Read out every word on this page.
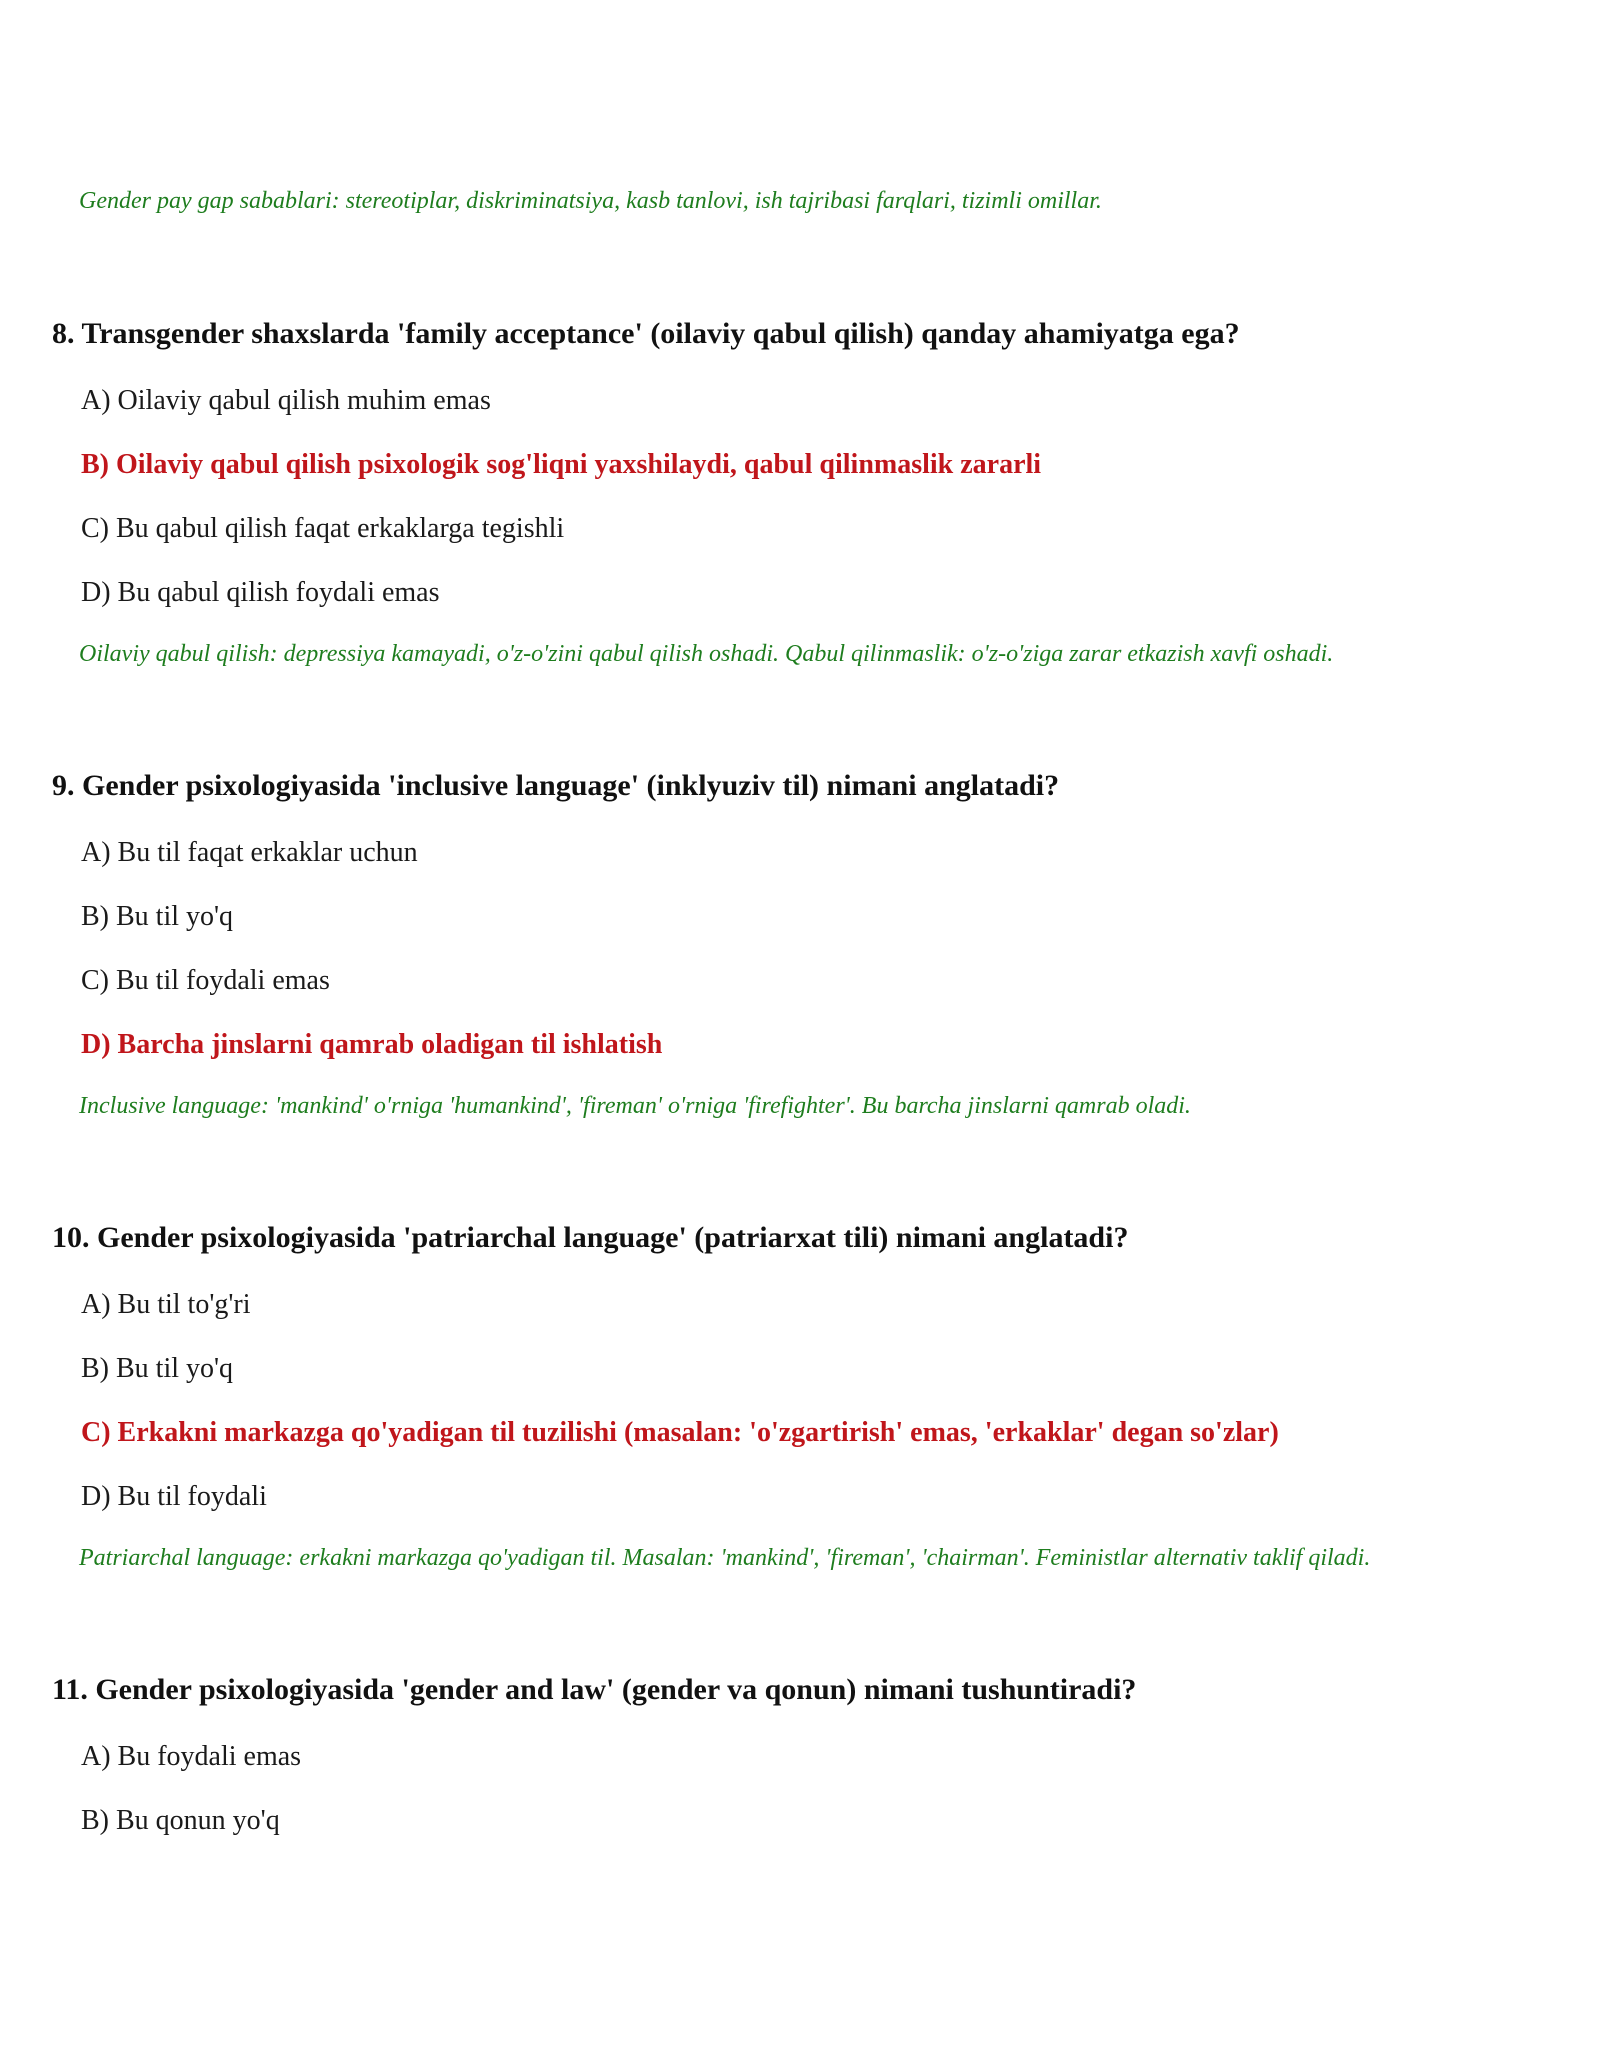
Gender pay gap sabablari: stereotiplar, diskriminatsiya, kasb tanlovi, ish tajribasi farqlari, tizimli omillar.
8. Transgender shaxslarda 'family acceptance' (oilaviy qabul qilish) qanday ahamiyatga ega?
A) Oilaviy qabul qilish muhim emas
B) Oilaviy qabul qilish psixologik sog'liqni yaxshilaydi, qabul qilinmaslik zararli
C) Bu qabul qilish faqat erkaklarga tegishli
D) Bu qabul qilish foydali emas
Oilaviy qabul qilish: depressiya kamayadi, o'z-o'zini qabul qilish oshadi. Qabul qilinmaslik: o'z-o'ziga zarar etkazish xavfi oshadi.
9. Gender psixologiyasida 'inclusive language' (inklyuziv til) nimani anglatadi?
A) Bu til faqat erkaklar uchun
B) Bu til yo'q
C) Bu til foydali emas
D) Barcha jinslarni qamrab oladigan til ishlatish
Inclusive language: 'mankind' o'rniga 'humankind', 'fireman' o'rniga 'firefighter'. Bu barcha jinslarni qamrab oladi.
10. Gender psixologiyasida 'patriarchal language' (patriarxat tili) nimani anglatadi?
A) Bu til to'g'ri
B) Bu til yo'q
C) Erkakni markazga qo'yadigan til tuzilishi (masalan: 'o'zgartirish' emas, 'erkaklar' degan so'zlar)
D) Bu til foydali
Patriarchal language: erkakni markazga qo'yadigan til. Masalan: 'mankind', 'fireman', 'chairman'. Feministlar alternativ taklif qiladi.
11. Gender psixologiyasida 'gender and law' (gender va qonun) nimani tushuntiradi?
A) Bu foydali emas
B) Bu qonun yo'q
